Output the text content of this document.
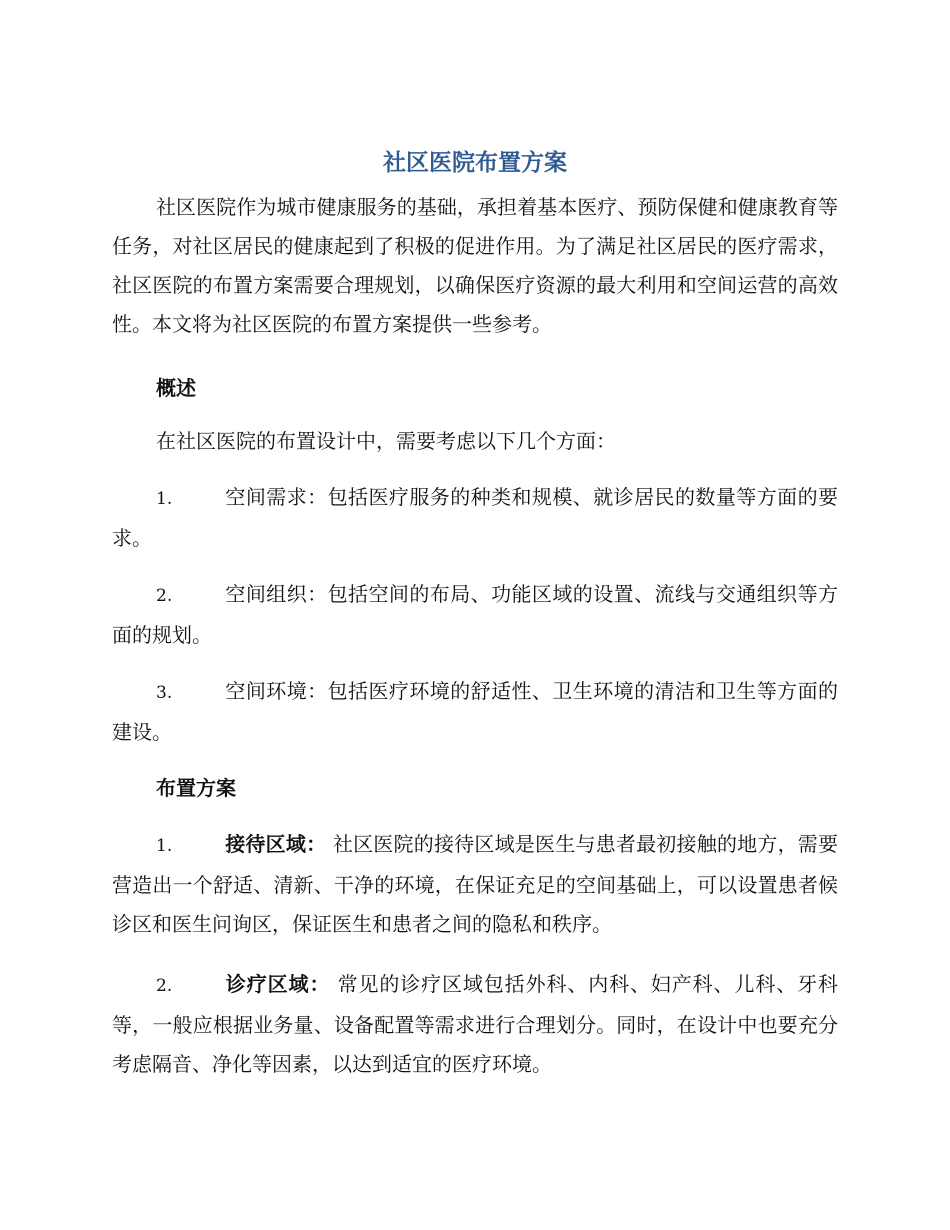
社区医院布置方案

社区医院作为城市健康服务的基础，承担着基本医疗、预防保健和健康教育等任务，对社区居民的健康起到了积极的促进作用。为了满足社区居民的医疗需求，社区医院的布置方案需要合理规划，以确保医疗资源的最大利用和空间运营的高效性。本文将为社区医院的布置方案提供一些参考。

概述

在社区医院的布置设计中，需要考虑以下几个方面：

1.	空间需求：包括医疗服务的种类和规模、就诊居民的数量等方面的要求。

2.	空间组织：包括空间的布局、功能区域的设置、流线与交通组织等方面的规划。

3.	空间环境：包括医疗环境的舒适性、卫生环境的清洁和卫生等方面的建设。

布置方案

1.	接待区域： 社区医院的接待区域是医生与患者最初接触的地方，需要营造出一个舒适、清新、干净的环境，在保证充足的空间基础上，可以设置患者候诊区和医生问询区，保证医生和患者之间的隐私和秩序。

2.	诊疗区域： 常见的诊疗区域包括外科、内科、妇产科、儿科、牙科等，一般应根据业务量、设备配置等需求进行合理划分。同时，在设计中也要充分考虑隔音、净化等因素，以达到适宜的医疗环境。
